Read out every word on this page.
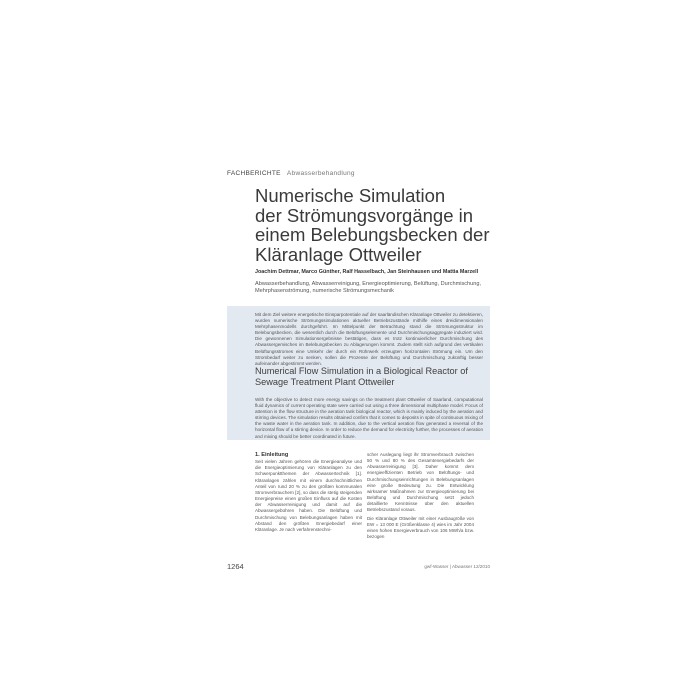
FACHBERICHTE Abwasserbehandlung
Numerische Simulation
der Strömungsvorgänge in
einem Belebungsbecken der
Kläranlage Ottweiler
Joachim Dettmar, Marco Günther, Ralf Hasselbach, Jan Steinhausen und Mattia Marzell
Abwasserbehandlung, Abwasserreinigung, Energieoptimierung, Belüftung, Durchmischung, Mehrphasenströmung, numerische Strömungsmechanik
Mit dem Ziel weitere energetische Einsparpotentiale auf der saarländischen Kläranlage Ottweiler zu detektieren, wurden numerische Strömungssimulationen aktueller Betriebszustände mithilfe eines dreidimensionalen Mehrphasenmodells durchgeführt. Im Mittelpunkt der Betrachtung stand die Strömungsstruktur im Belebungsbecken, die wesentlich durch die Belüftungselemente und Durchmischungsaggregate induziert wird. Die gewonnenen Simulationsergebnisse bestätigen, dass es trotz kontinuierlicher Durchmischung des Abwassergemisches im Belebungsbecken zu Ablagerungen kommt. Zudem stellt sich aufgrund des vertikalen Belüftungsstromes eine Umkehr der durch ein Rührwerk erzeugten horizontalen Strömung ein. Um den Strombedarf weiter zu senken, sollen die Prozesse der Belüftung und Durchmischung zukünftig besser aufeinander abgestimmt werden.
Numerical Flow Simulation in a Biological Reactor of Sewage Treatment Plant Ottweiler
With the objective to detect more energy savings on the treatment plant Ottweiler of Saarland, computational fluid dynamics of current operating state were carried out using a three dimensional multiphase model. Focus of attention is the flow structure in the aeration tank biological reactor, which is mainly induced by the aeration and stirring devices. The simulation results obtained confirm that it comes to deposits in spite of continuous mixing of the waste water in the aeration tank. In addition, due to the vertical aeration flow generated a reversal of the horizontal flow of a stirring device. In order to reduce the demand for electricity further, the processes of aeration and mixing should be better coordinated in future.
1. Einleitung

Seit vielen Jahren gehören die Energieanalyse und die Energieoptimierung von Kläranlagen zu den Schwerpunktthemen der Abwassertechnik [1]. Kläranlagen zählen mit einem durchschnittlichen Anteil von rund 20 % zu den größten kommunalen Stromverbrauchern [2], so dass die stetig steigenden Energiepreise einen großen Einfluss auf die Kosten der Abwasserreinigung und damit auf die Abwassergebühren haben. Die Belüftung und Durchmischung von Belebungsanlagen haben mit Abstand den größten Energiebedarf einer Kläranlage. Je nach verfahrenstechni-

scher Auslegung liegt ihr Stromverbrauch zwischen 50 % und 80 % des Gesamtenergiebedarfs der Abwasserreinigung [3]. Daher kommt dem energieeffizienten Betrieb von Belüftungs- und Durchmischungseinrichtungen in Belebungsanlagen eine große Bedeutung zu. Die Entwicklung wirksamer Maßnahmen zur Energieoptimierung bei Belüftung und Durchmischung setzt jedoch detaillierte Kenntnisse über den aktuellen Betriebszustand voraus.

Die Kläranlage Ottweiler mit einer Ausbaugröße von EW = 13 000 E (Größenklasse 4) wies im Jahr 2004 einen hohen Energieverbrauch von 106 MWh/a bzw. bezogen

1264	gwf-Wasser | Abwasser 12/2010
